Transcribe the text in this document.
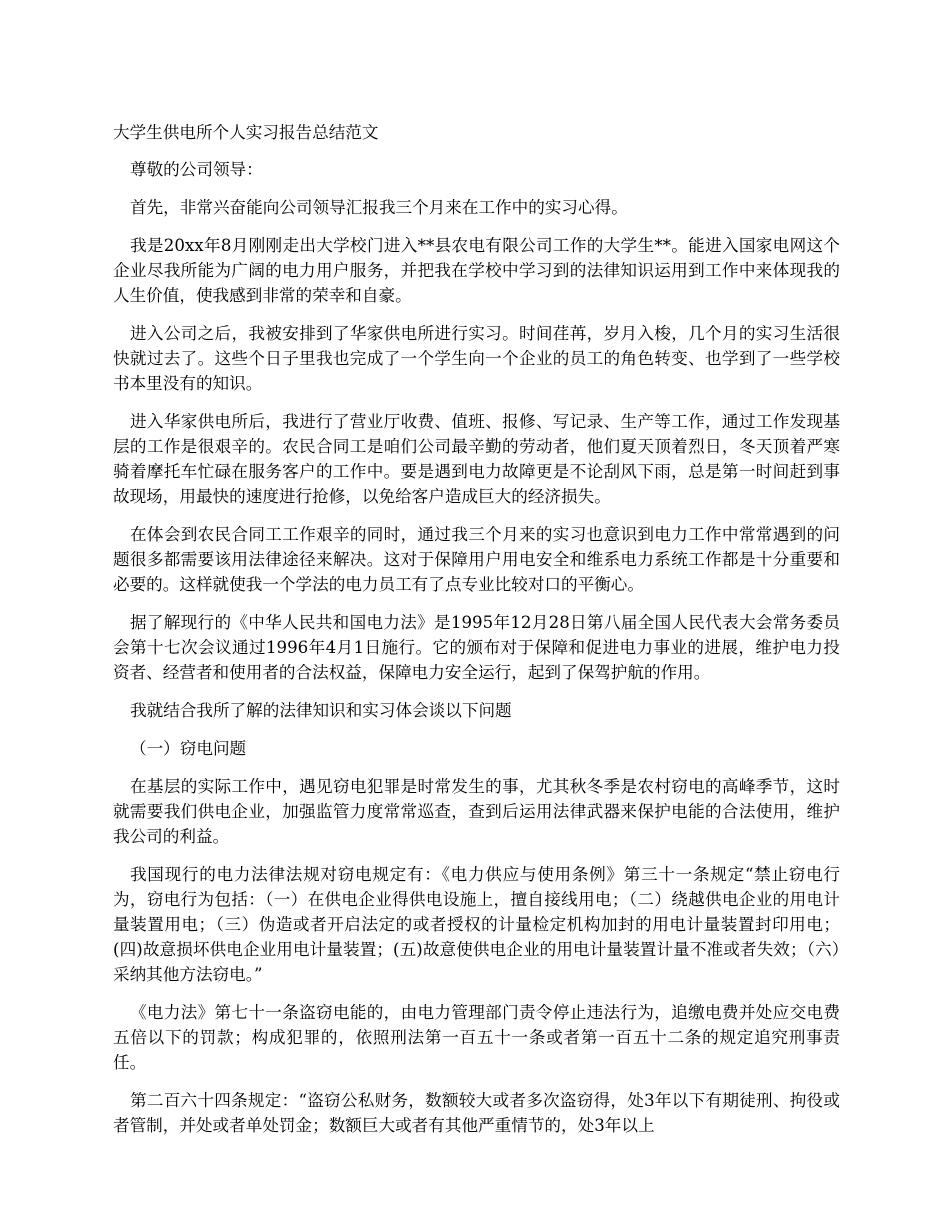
大学生供电所个人实习报告总结范文

尊敬的公司领导：

首先，非常兴奋能向公司领导汇报我三个月来在工作中的实习心得。

我是20xx年8月刚刚走出大学校门进入**县农电有限公司工作的大学生**。能进入国家电网这个企业尽我所能为广阔的电力用户服务，并把我在学校中学习到的法律知识运用到工作中来体现我的人生价值，使我感到非常的荣幸和自豪。

进入公司之后，我被安排到了华家供电所进行实习。时间荏苒，岁月入梭，几个月的实习生活很快就过去了。这些个日子里我也完成了一个学生向一个企业的员工的角色转变、也学到了一些学校书本里没有的知识。

进入华家供电所后，我进行了营业厅收费、值班、报修、写记录、生产等工作，通过工作发现基层的工作是很艰辛的。农民合同工是咱们公司最辛勤的劳动者，他们夏天顶着烈日，冬天顶着严寒骑着摩托车忙碌在服务客户的工作中。要是遇到电力故障更是不论刮风下雨，总是第一时间赶到事故现场，用最快的速度进行抢修，以免给客户造成巨大的经济损失。

在体会到农民合同工工作艰辛的同时，通过我三个月来的实习也意识到电力工作中常常遇到的问题很多都需要该用法律途径来解决。这对于保障用户用电安全和维系电力系统工作都是十分重要和必要的。这样就使我一个学法的电力员工有了点专业比较对口的平衡心。

据了解现行的《中华人民共和国电力法》是1995年12月28日第八届全国人民代表大会常务委员会第十七次会议通过1996年4月1日施行。它的颁布对于保障和促进电力事业的进展，维护电力投资者、经营者和使用者的合法权益，保障电力安全运行，起到了保驾护航的作用。

我就结合我所了解的法律知识和实习体会谈以下问题

（一）窃电问题

在基层的实际工作中，遇见窃电犯罪是时常发生的事，尤其秋冬季是农村窃电的高峰季节，这时就需要我们供电企业，加强监管力度常常巡查，查到后运用法律武器来保护电能的合法使用，维护我公司的利益。

我国现行的电力法律法规对窃电规定有：《电力供应与使用条例》第三十一条规定“禁止窃电行为，窃电行为包括：（一）在供电企业得供电设施上，擅自接线用电；（二）绕越供电企业的用电计量装置用电；（三）伪造或者开启法定的或者授权的计量检定机构加封的用电计量装置封印用电；(四)故意损坏供电企业用电计量装置；(五)故意使供电企业的用电计量装置计量不准或者失效；（六）采纳其他方法窃电。”

《电力法》第七十一条盗窃电能的，由电力管理部门责令停止违法行为，追缴电费并处应交电费五倍以下的罚款；构成犯罪的，依照刑法第一百五十一条或者第一百五十二条的规定追究刑事责任。

第二百六十四条规定：“盗窃公私财务，数额较大或者多次盗窃得，处3年以下有期徒刑、拘役或者管制，并处或者单处罚金；数额巨大或者有其他严重情节的，处3年以上
